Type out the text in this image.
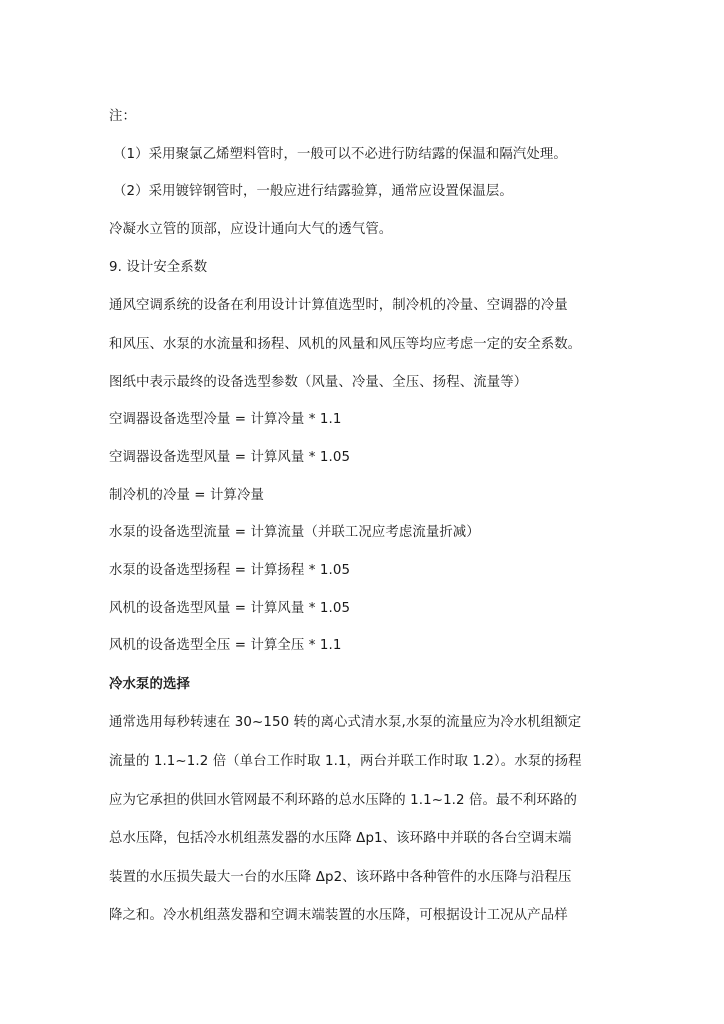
注：
（1）采用聚氯乙烯塑料管时，一般可以不必进行防结露的保温和隔汽处理。
（2）采用镀锌钢管时，一般应进行结露验算，通常应设置保温层。
冷凝水立管的顶部，应设计通向大气的透气管。
9. 设计安全系数
通风空调系统的设备在利用设计计算值选型时，制冷机的冷量、空调器的冷量
和风压、水泵的水流量和扬程、风机的风量和风压等均应考虑一定的安全系数。
图纸中表示最终的设备选型参数（风量、冷量、全压、扬程、流量等）
空调器设备选型冷量 = 计算冷量 * 1.1
空调器设备选型风量 = 计算风量 * 1.05
制冷机的冷量 = 计算冷量
水泵的设备选型流量 = 计算流量（并联工况应考虑流量折减）
水泵的设备选型扬程 = 计算扬程 * 1.05
风机的设备选型风量 = 计算风量 * 1.05
风机的设备选型全压 = 计算全压 * 1.1
冷水泵的选择
通常选用每秒转速在 30~150 转的离心式清水泵,水泵的流量应为冷水机组额定
流量的 1.1~1.2 倍（单台工作时取 1.1，两台并联工作时取 1.2）。水泵的扬程
应为它承担的供回水管网最不利环路的总水压降的 1.1~1.2 倍。最不利环路的
总水压降，包括冷水机组蒸发器的水压降 Δp1、该环路中并联的各台空调末端
装置的水压损失最大一台的水压降 Δp2、该环路中各种管件的水压降与沿程压
降之和。冷水机组蒸发器和空调末端装置的水压降，可根据设计工况从产品样
